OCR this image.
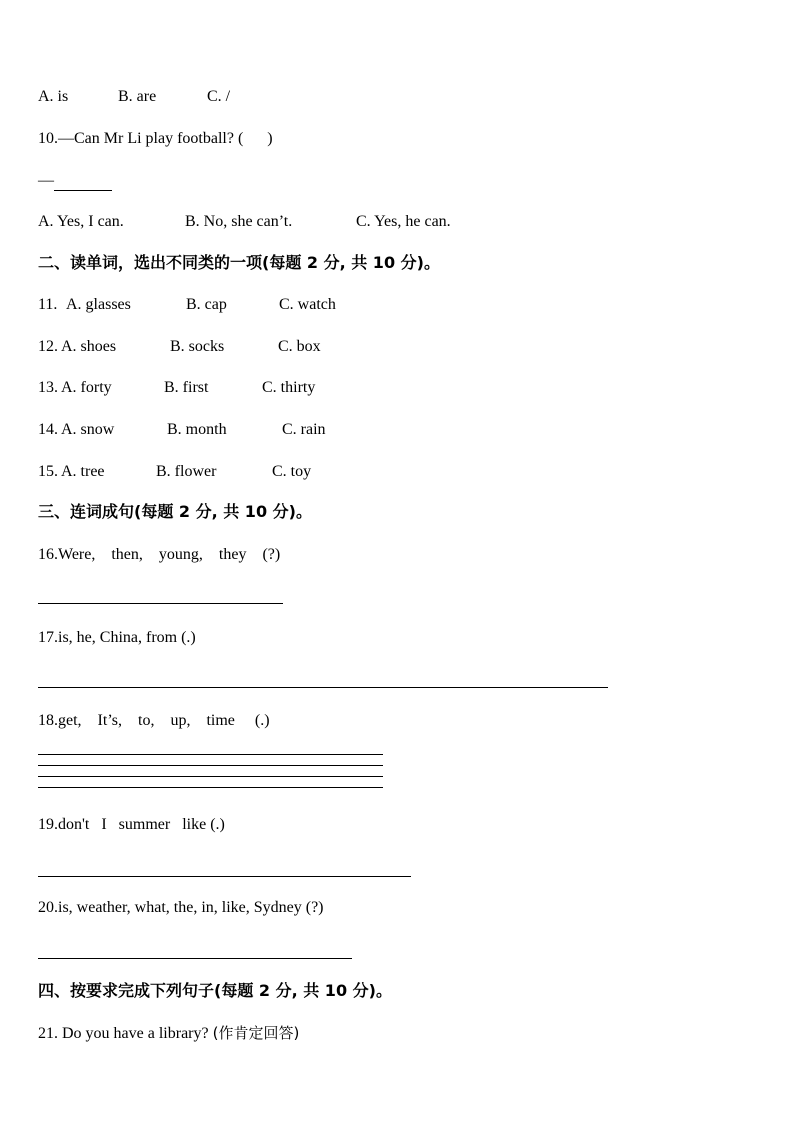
A. is	B. are	C. /
10.—Can Mr Li play football? (      )
—
A. Yes, I can.	B. No, she can’t.	C. Yes, he can.
二、读单词，选出不同类的一项(每题 2 分, 共 10 分)。
11. A. glasses	B. cap	C. watch
12. A. shoes	B. socks	C. box
13. A. forty	B. first	C. thirty
14. A. snow	B. month	C. rain
15. A. tree	B. flower	C. toy
三、连词成句(每题 2 分, 共 10 分)。
16.Were,    then,    young,    they    (?)
17.is, he, China, from (.)
18.get,    It’s,    to,    up,    time     (.)
19.don't   I   summer   like (.)
20.is, weather, what, the, in, like, Sydney (?)
四、按要求完成下列句子(每题 2 分, 共 10 分)。
21. Do you have a library? (作肯定回答)
